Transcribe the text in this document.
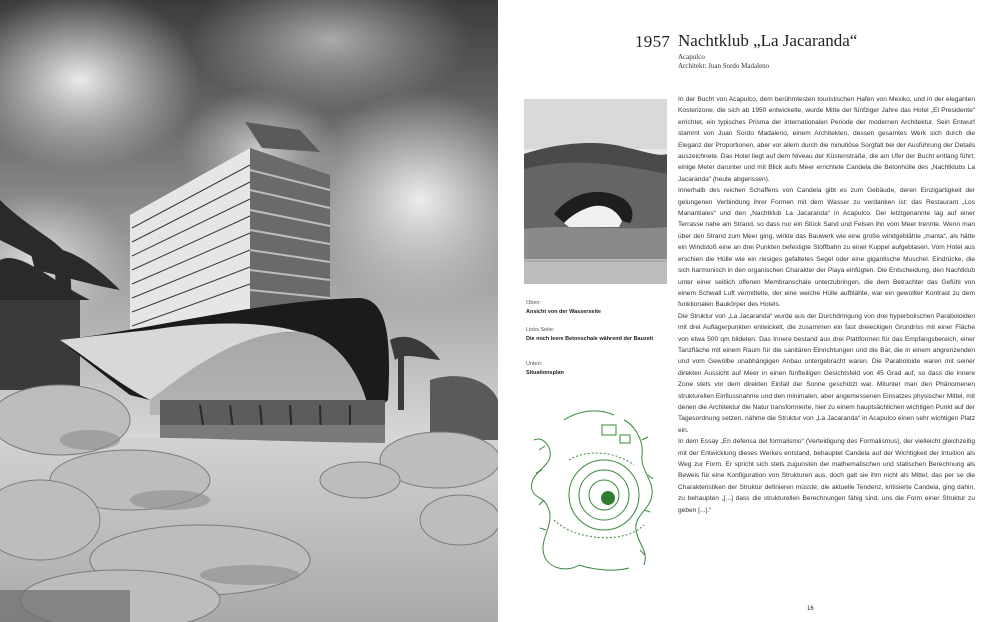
1957 Nachtklub „La Jacaranda“
Acapulco
Architekt: Juan Sordo Madaleno
Oben:
Ansicht von der Wasserseite
Links Seite:
Die noch leere Betonschale während der Bauzeit
Unten:
Situationsplan

In der Bucht von Acapulco, dem berühmtesten touristischen Hafen von Mexiko, und in der eleganten Kostenzone, die sich ab 1950 entwickelte, wurde Mitte der fünfziger Jahre das Hotel „El Presidente“ errichtet, ein typisches Prisma der internationalen Periode der modernen Architektur. Sein Entwurf stammt von Juan Sordo Madaleno, einem Architekten, dessen gesamtes Werk sich durch die Eleganz der Proportionen, aber vor allem durch die minutiöse Sorgfalt bei der Ausführung der Details auszeichnete. Das Hotel liegt auf dem Niveau der Küstenstraße, die am Ufer der Bucht entlang führt; einige Meter darunter und mit Blick aufs Meer errichtete Candela die Betonhülle des „Nachtklubs La Jacaranda“ (heute abgerissen).

Innerhalb des reichen Schaffens von Candela gibt es zum Gebäude, deren Einzigartigkeit der gelungenen Verbindung ihrer Formen mit dem Wasser zu verdanken ist: das Restaurant „Los Manantiales“ und den „Nachtklub La Jacaranda“ in Acapulco. Der letztgenannte lag auf einer Terrasse nahe am Strand, so dass nur ein Stück Sand und Felsen ihn vom Meer trennte. Wenn man über den Strand zum Meer ging, wirkte das Bauwerk wie eine große windgeblähte „manta“, als hätte ein Windstoß eine an drei Punkten befestigte Stoffbahn zu einer Kuppel aufgeblasen. Vom Hotel aus erschien die Hülle wie ein riesiges gefaltetes Segel oder eine gigantische Muschel. Eindrücke, die sich harmonisch in den organischen Charakter der Playa einfügten. Die Entscheidung, den Nachtklub unter einer seitlich offenen Membranschale unterzubringen, die dem Betrachter das Gefühl von einem Schwall Luft vermittelte, der eine weiche Hülle aufblähte, war ein gewollter Kontrast zu dem funktionalen Baukörper des Hotels.

Die Struktur von „La Jacaranda“ wurde aus der Durchdringung von drei hyperbolischen Paraboloiden mit drei Auflagerpunkten entwickelt, die zusammen ein fast dreieckigen Grundriss mit einer Fläche von etwa 500 qm bildeten. Das Innere bestand aus drei Plattformen für das Empfangsbereich, einer Tanzfläche mit einem Raum für die sanitären Einrichtungen und die Bar, die in einem angrenzenden und vom Gewölbe unabhängigen Anbau untergebracht waren. Die Paraboloide waren mit seiner direkten Aussicht auf Meer in einen fünfteiligen Gesichtsfeld von 45 Grad auf, so dass die innere Zone stets vor dem direkten Einfall der Sonne geschützt war. Mitunter man den Phänomenen strukturellen Einflussnahme und den minimalen, aber angemessenen Einsatzes physischer Mittel, mit denen die Architektur die Natur transformierte, hier zu einem hauptsächlichen wichtigen Punkt auf der Tagesordnung setzen, nähme die Struktur von „La Jacaranda“ in Acapulco einen sehr wichtigen Platz ein.

In dem Essay „En defensa del formalismo“ (Verteidigung des Formalismus), der vielleicht gleichzeitig mit der Entwicklung dieses Werkes entstand, behauptet Candela auf der Wichtigkeit der Intuition als Weg zur Form. Er spricht sich stets zugunsten der mathematischen und statischen Berechnung als Beweis für eine Konfiguration von Strukturen aus, doch galt sie ihm nicht als Mittel, das per se die Charakteristiken der Struktur definieren müsste; die aktuelle Tendenz, kritisierte Candela, ging dahin, zu behaupten „[...] dass die strukturellen Berechnungen fähig sind, uns die Form einer Struktur zu geben [...].“

16
